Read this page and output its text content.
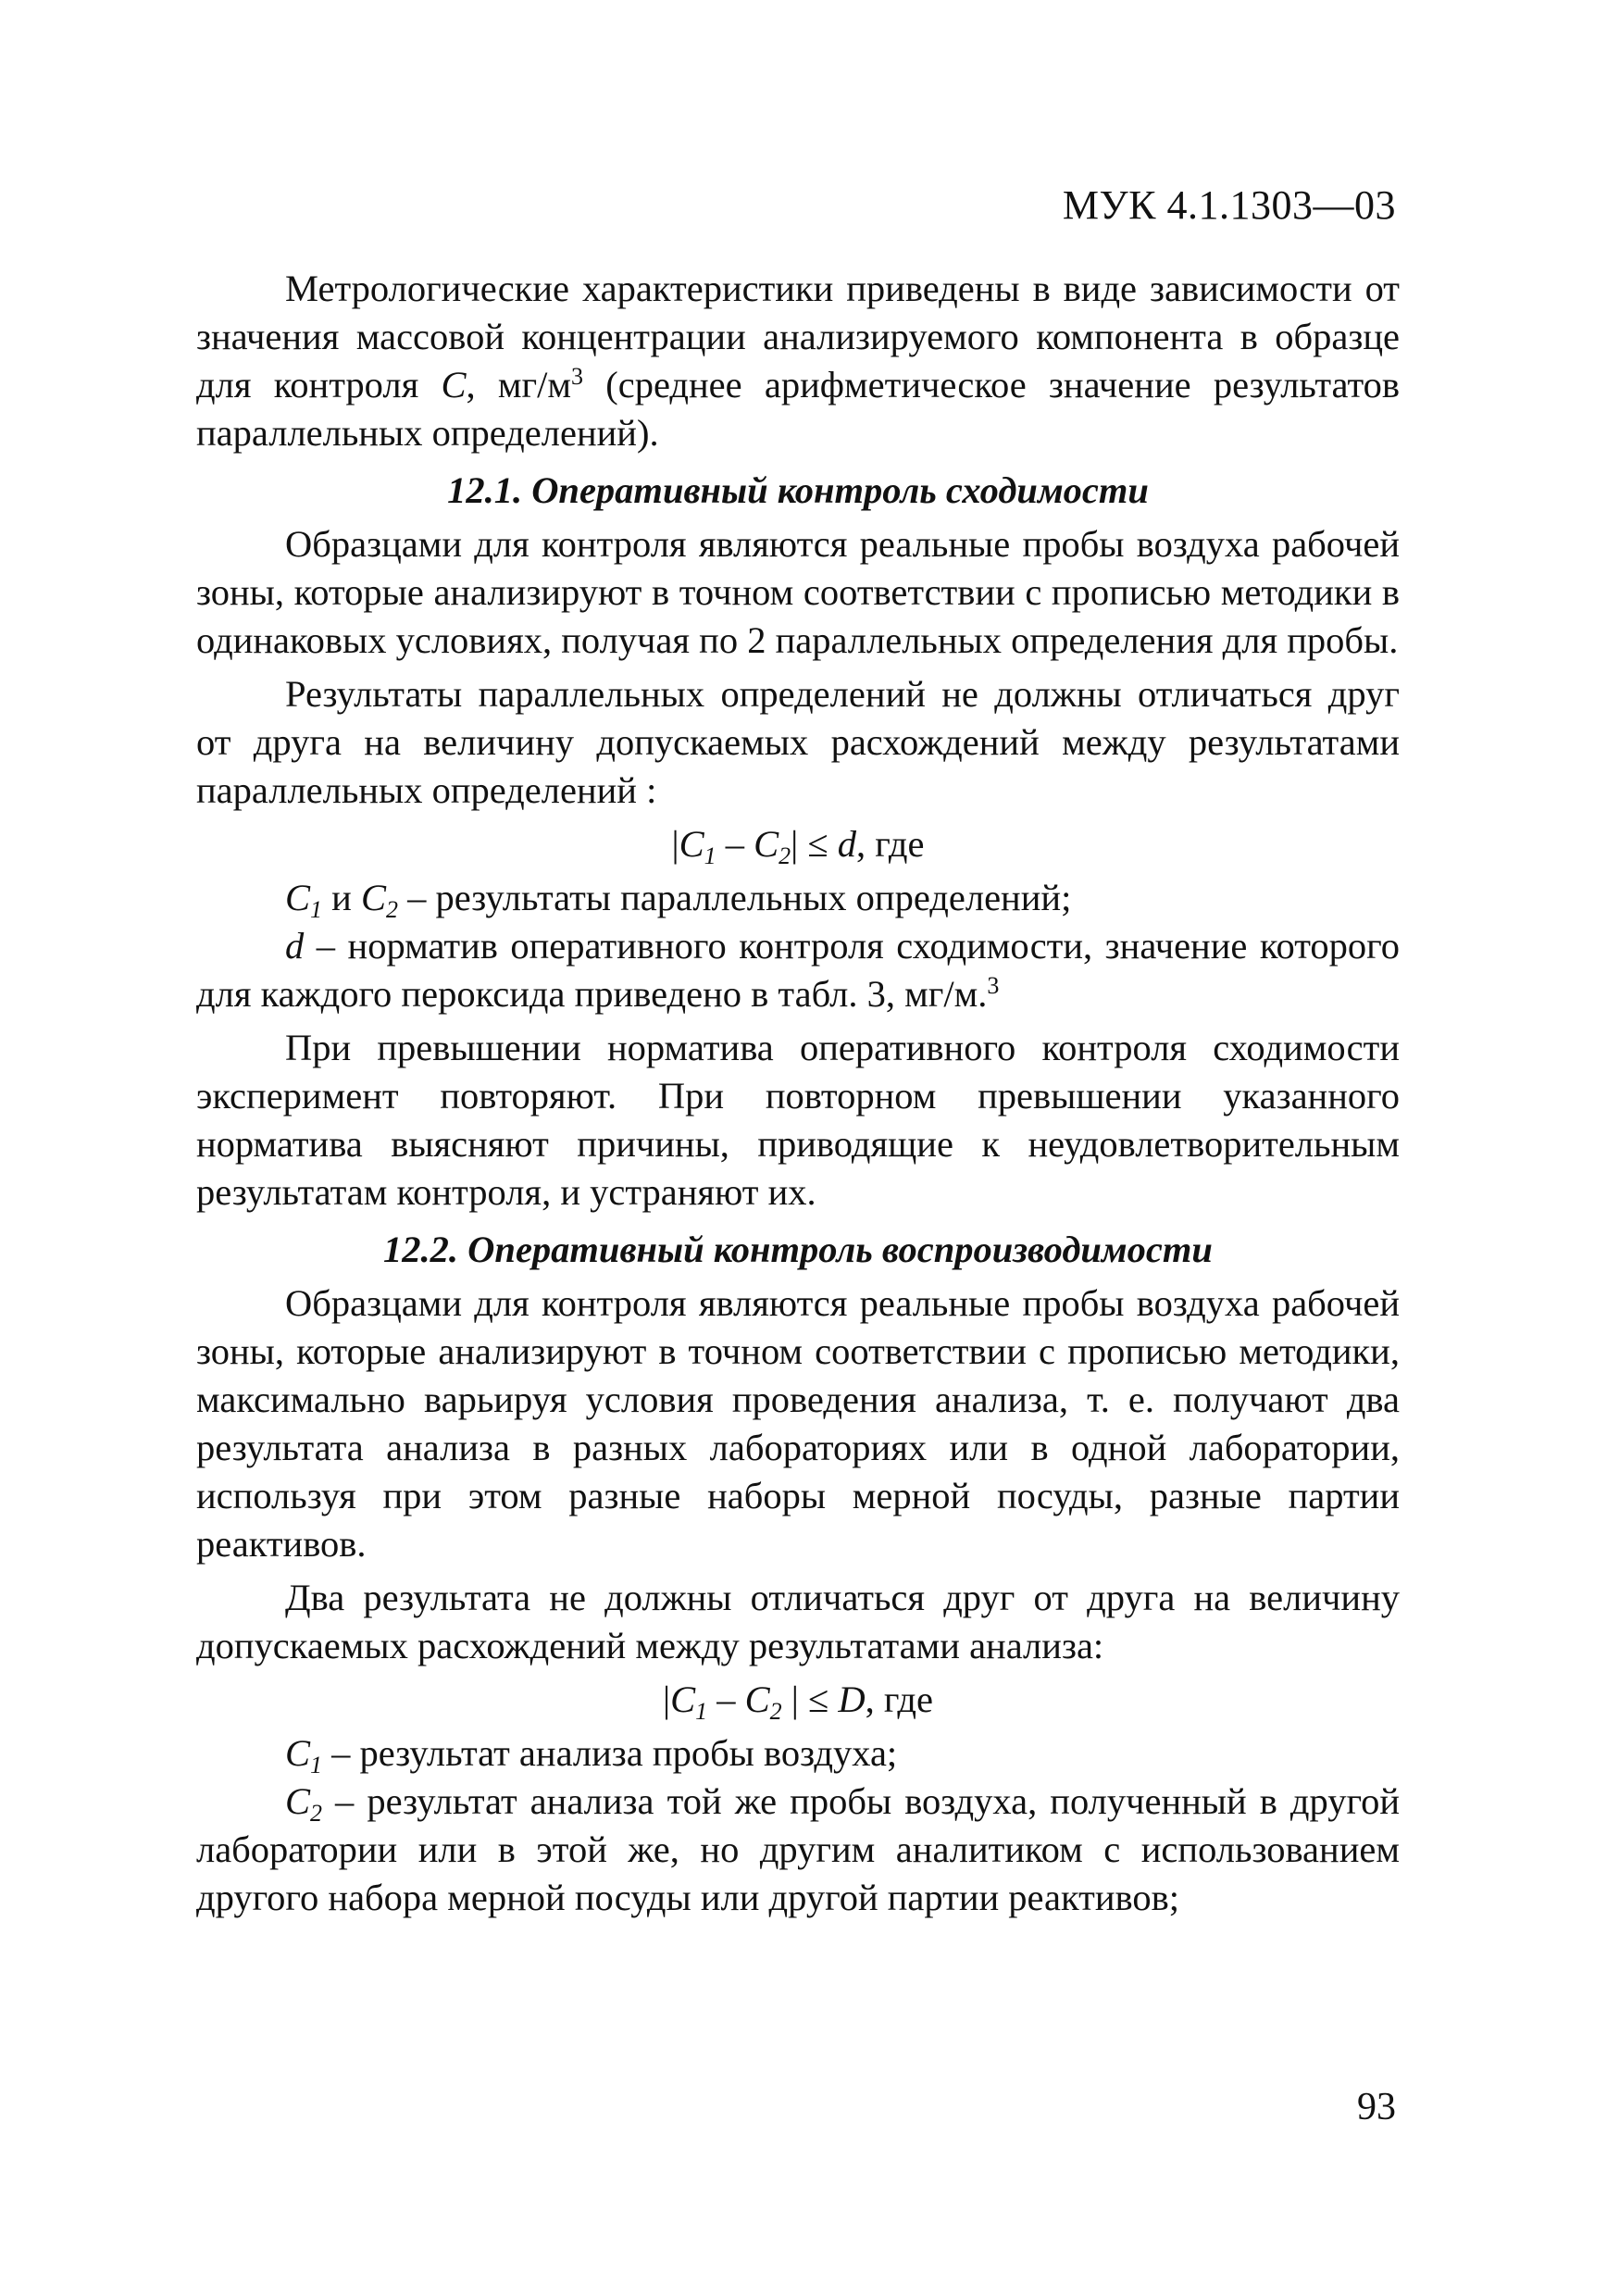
МУК 4.1.1303—03

Метрологические характеристики приведены в виде зависимости от значения массовой концентрации анализируемого компонента в образце для контроля C, $мг/м^3$ (среднее арифметическое значение результатов параллельных определений).

12.1. Оперативный контроль сходимости

Образцами для контроля являются реальные пробы воздуха рабочей зоны, которые анализируют в точном соответствии с прописью методики в одинаковых условиях, получая по 2 параллельных определения для пробы.

Результаты параллельных определений не должны отличаться друг от друга на величину допускаемых расхождений между результатами параллельных определений :

$|C_1 - C_2| \le d$, где

$C_1$ и $C_2$ – результаты параллельных определений;

d – норматив оперативного контроля сходимости, значение которого для каждого пероксида приведено в табл. 3, мг/м.$^3$

При превышении норматива оперативного контроля сходимости эксперимент повторяют. При повторном превышении указанного норматива выясняют причины, приводящие к неудовлетворительным результатам контроля, и устраняют их.

12.2. Оперативный контроль воспроизводимости

Образцами для контроля являются реальные пробы воздуха рабочей зоны, которые анализируют в точном соответствии с прописью методики, максимально варьируя условия проведения анализа, т. е. получают два результата анализа в разных лабораториях или в одной лаборатории, используя при этом разные наборы мерной посуды, разные партии реактивов.

Два результата не должны отличаться друг от друга на величину допускаемых расхождений между результатами анализа:

$|C_1 - C_2$ | ≤ D, где

$C_1$ – результат анализа пробы воздуха;

$C_2$ – результат анализа той же пробы воздуха, полученный в другой лаборатории или в этой же, но другим аналитиком с использованием другого набора мерной посуды или другой партии реактивов;

93
